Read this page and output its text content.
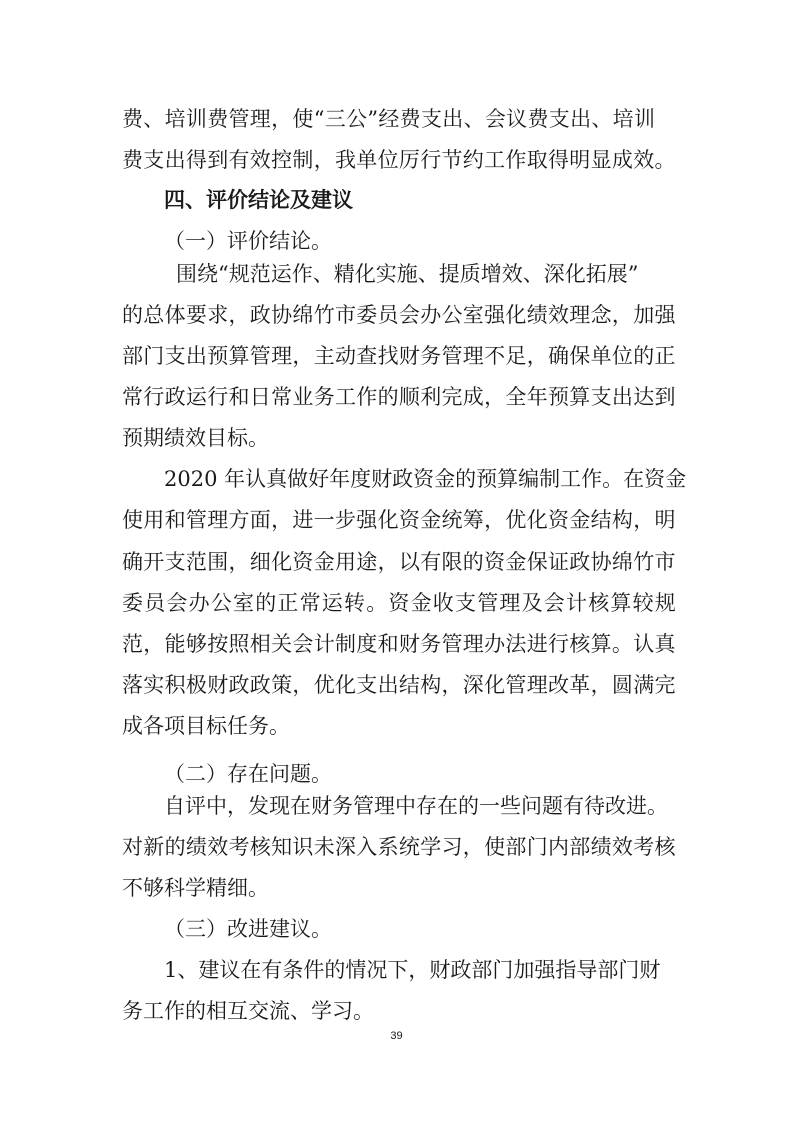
费、培训费管理，使“三公”经费支出、会议费支出、培训
费支出得到有效控制，我单位厉行节约工作取得明显成效。
四、评价结论及建议
（一）评价结论。
围绕“规范运作、精化实施、提质增效、深化拓展”
的总体要求，政协绵竹市委员会办公室强化绩效理念，加强
部门支出预算管理，主动查找财务管理不足，确保单位的正
常行政运行和日常业务工作的顺利完成，全年预算支出达到
预期绩效目标。
2020 年认真做好年度财政资金的预算编制工作。在资金
使用和管理方面，进一步强化资金统筹，优化资金结构，明
确开支范围，细化资金用途，以有限的资金保证政协绵竹市
委员会办公室的正常运转。资金收支管理及会计核算较规
范，能够按照相关会计制度和财务管理办法进行核算。认真
落实积极财政政策，优化支出结构，深化管理改革，圆满完
成各项目标任务。
（二）存在问题。
自评中，发现在财务管理中存在的一些问题有待改进。
对新的绩效考核知识未深入系统学习，使部门内部绩效考核
不够科学精细。
（三）改进建议。
1、建议在有条件的情况下，财政部门加强指导部门财
务工作的相互交流、学习。
39
